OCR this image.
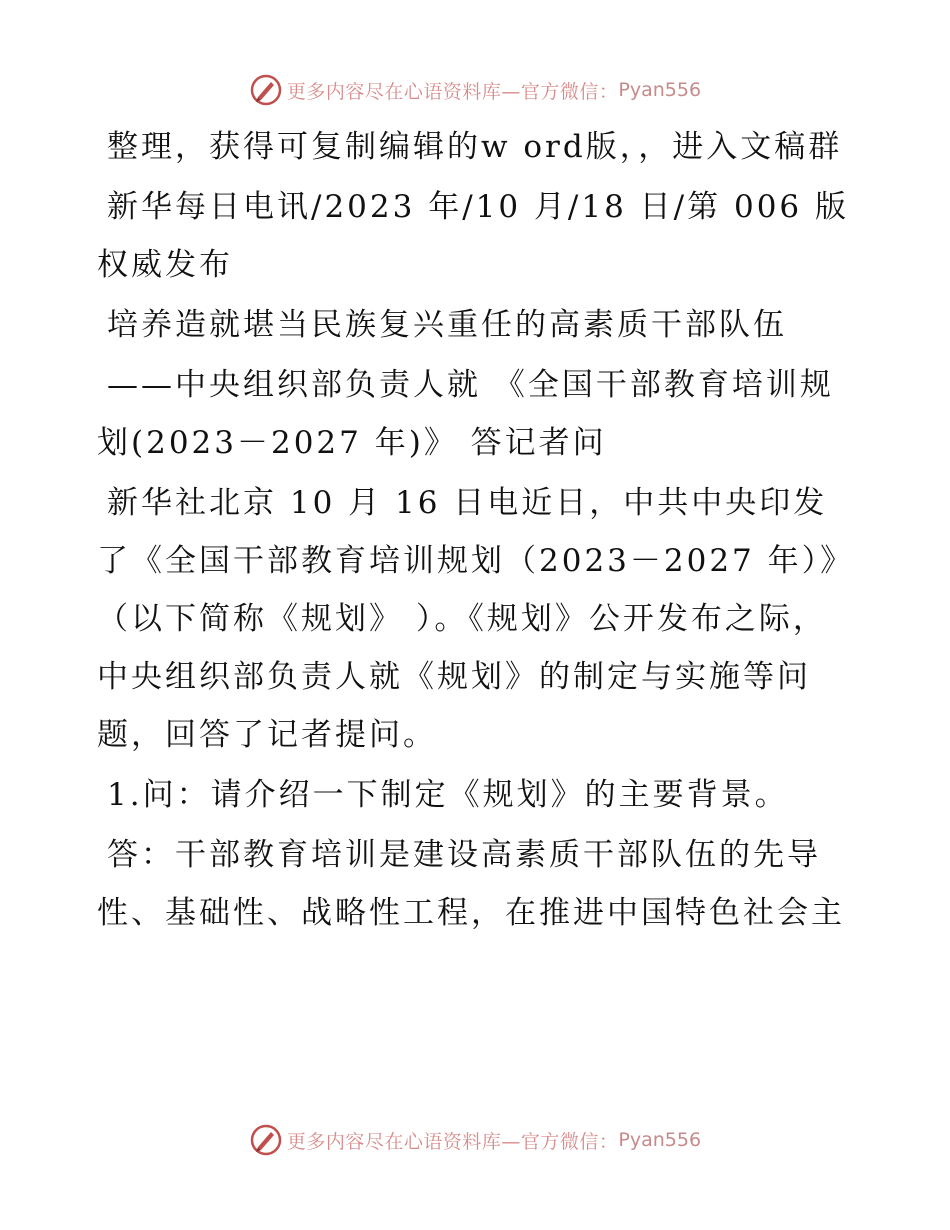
更多内容尽在心语资料库—官方微信： Pyan556

整理，获得可复制编辑的w ord版，，进入文稿群

新华每日电讯/2023 年/10 月/18 日/第 006 版权威发布

培养造就堪当民族复兴重任的高素质干部队伍

——中央组织部负责人就 《全国干部教育培训规划(2023－2027 年)》 答记者问

新华社北京 10 月 16 日电近日，中共中央印发了《全国干部教育培训规划（2023－2027 年）》（以下简称《规划》 ）。《规划》公开发布之际，中央组织部负责人就《规划》的制定与实施等问题，回答了记者提问。

1.问：请介绍一下制定《规划》的主要背景。

答：干部教育培训是建设高素质干部队伍的先导性、基础性、战略性工程，在推进中国特色社会主

更多内容尽在心语资料库—官方微信： Pyan556
